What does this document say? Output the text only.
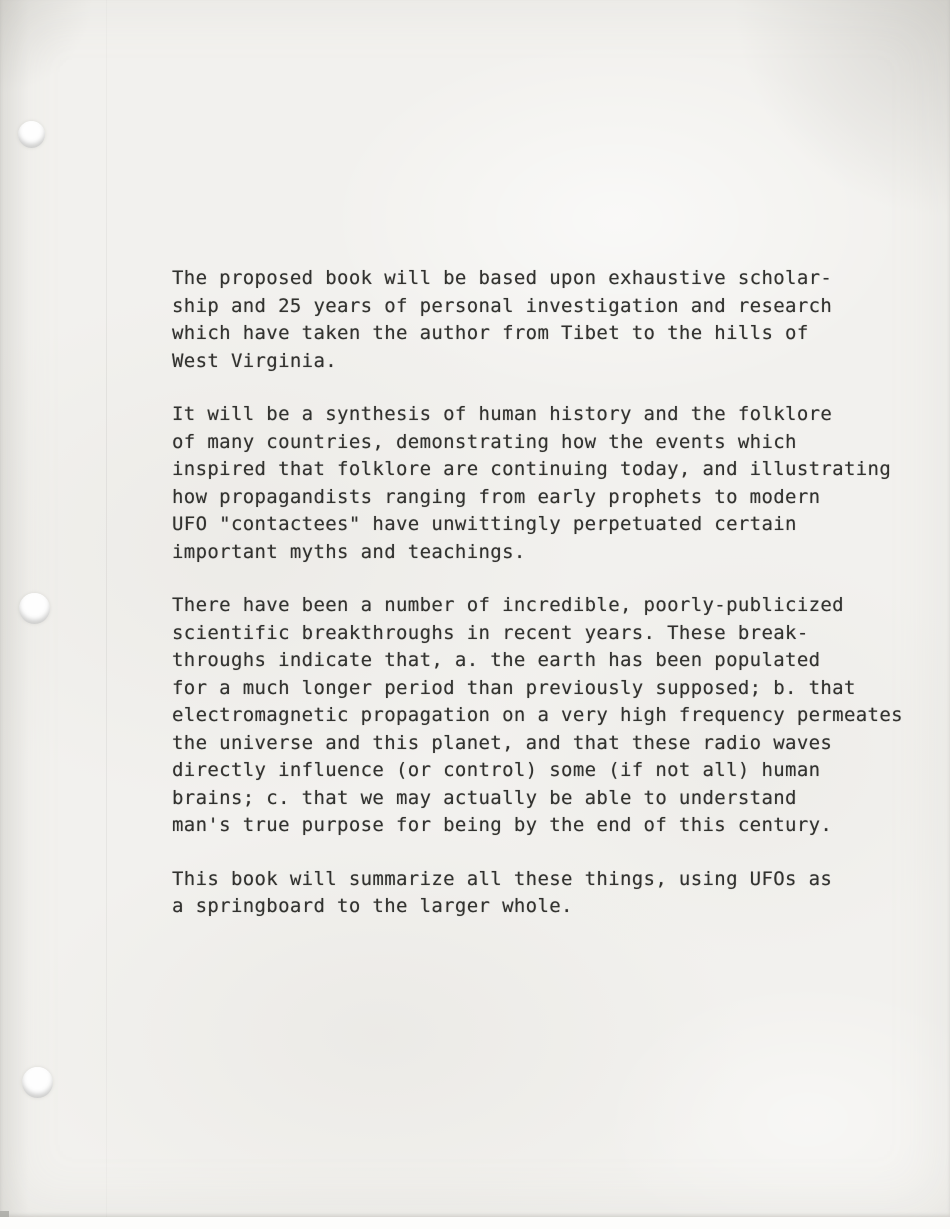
The proposed book will be based upon exhaustive scholar-
ship and 25 years of personal investigation and research
which have taken the author from Tibet to the hills of
West Virginia.
It will be a synthesis of human history and the folklore
of many countries, demonstrating how the events which
inspired that folklore are continuing today, and illustrating
how propagandists ranging from early prophets to modern
UFO "contactees" have unwittingly perpetuated certain
important myths and teachings.
There have been a number of incredible, poorly-publicized
scientific breakthroughs in recent years. These break-
throughs indicate that, a. the earth has been populated
for a much longer period than previously supposed; b. that
electromagnetic propagation on a very high frequency permeates
the universe and this planet, and that these radio waves
directly influence (or control) some (if not all) human
brains; c. that we may actually be able to understand
man's true purpose for being by the end of this century.
This book will summarize all these things, using UFOs as
a springboard to the larger whole.
